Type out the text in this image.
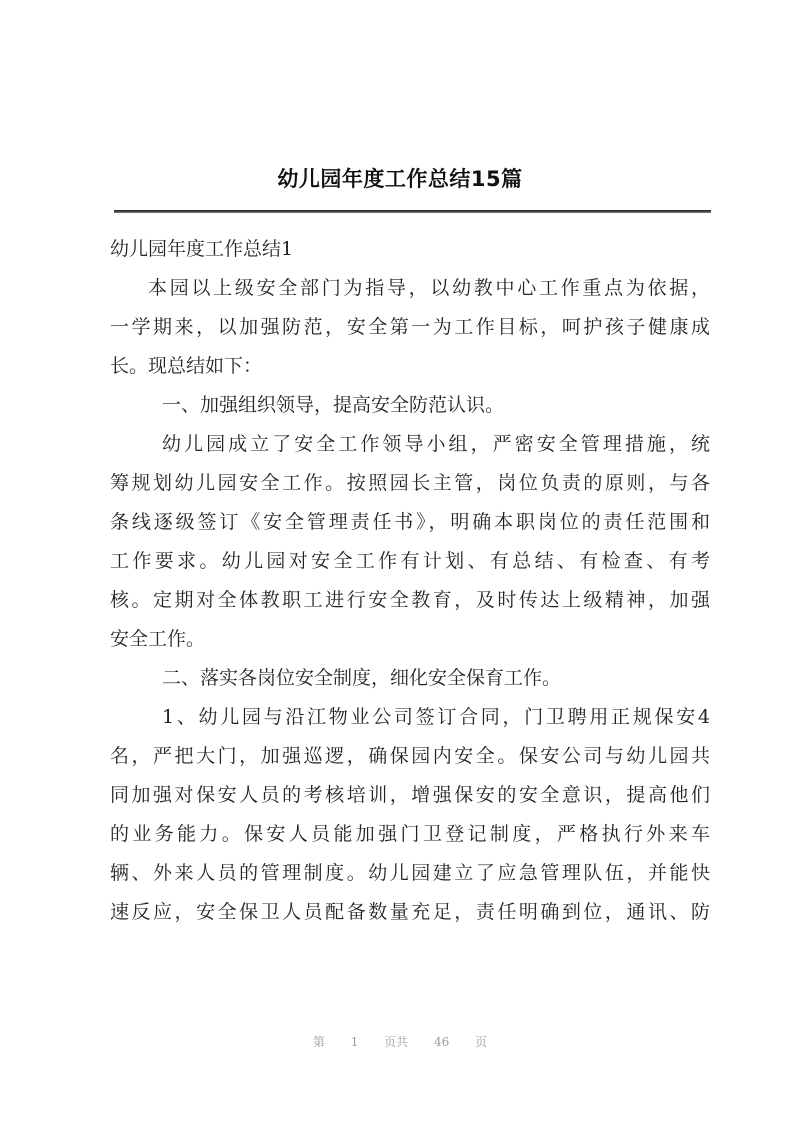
幼儿园年度工作总结15篇
幼儿园年度工作总结1
本园以上级安全部门为指导，以幼教中心工作重点为依据，
一学期来，以加强防范，安全第一为工作目标，呵护孩子健康成
长。现总结如下：
一、加强组织领导，提高安全防范认识。
幼儿园成立了安全工作领导小组，严密安全管理措施，统
筹规划幼儿园安全工作。按照园长主管，岗位负责的原则，与各
条线逐级签订《安全管理责任书》，明确本职岗位的责任范围和
工作要求。幼儿园对安全工作有计划、有总结、有检查、有考
核。定期对全体教职工进行安全教育，及时传达上级精神，加强
安全工作。
二、落实各岗位安全制度，细化安全保育工作。
1、幼儿园与沿江物业公司签订合同，门卫聘用正规保安4
名，严把大门，加强巡逻，确保园内安全。保安公司与幼儿园共
同加强对保安人员的考核培训，增强保安的安全意识，提高他们
的业务能力。保安人员能加强门卫登记制度，严格执行外来车
辆、外来人员的管理制度。幼儿园建立了应急管理队伍，并能快
速反应，安全保卫人员配备数量充足，责任明确到位，通讯、防
第 1 页共 46 页
